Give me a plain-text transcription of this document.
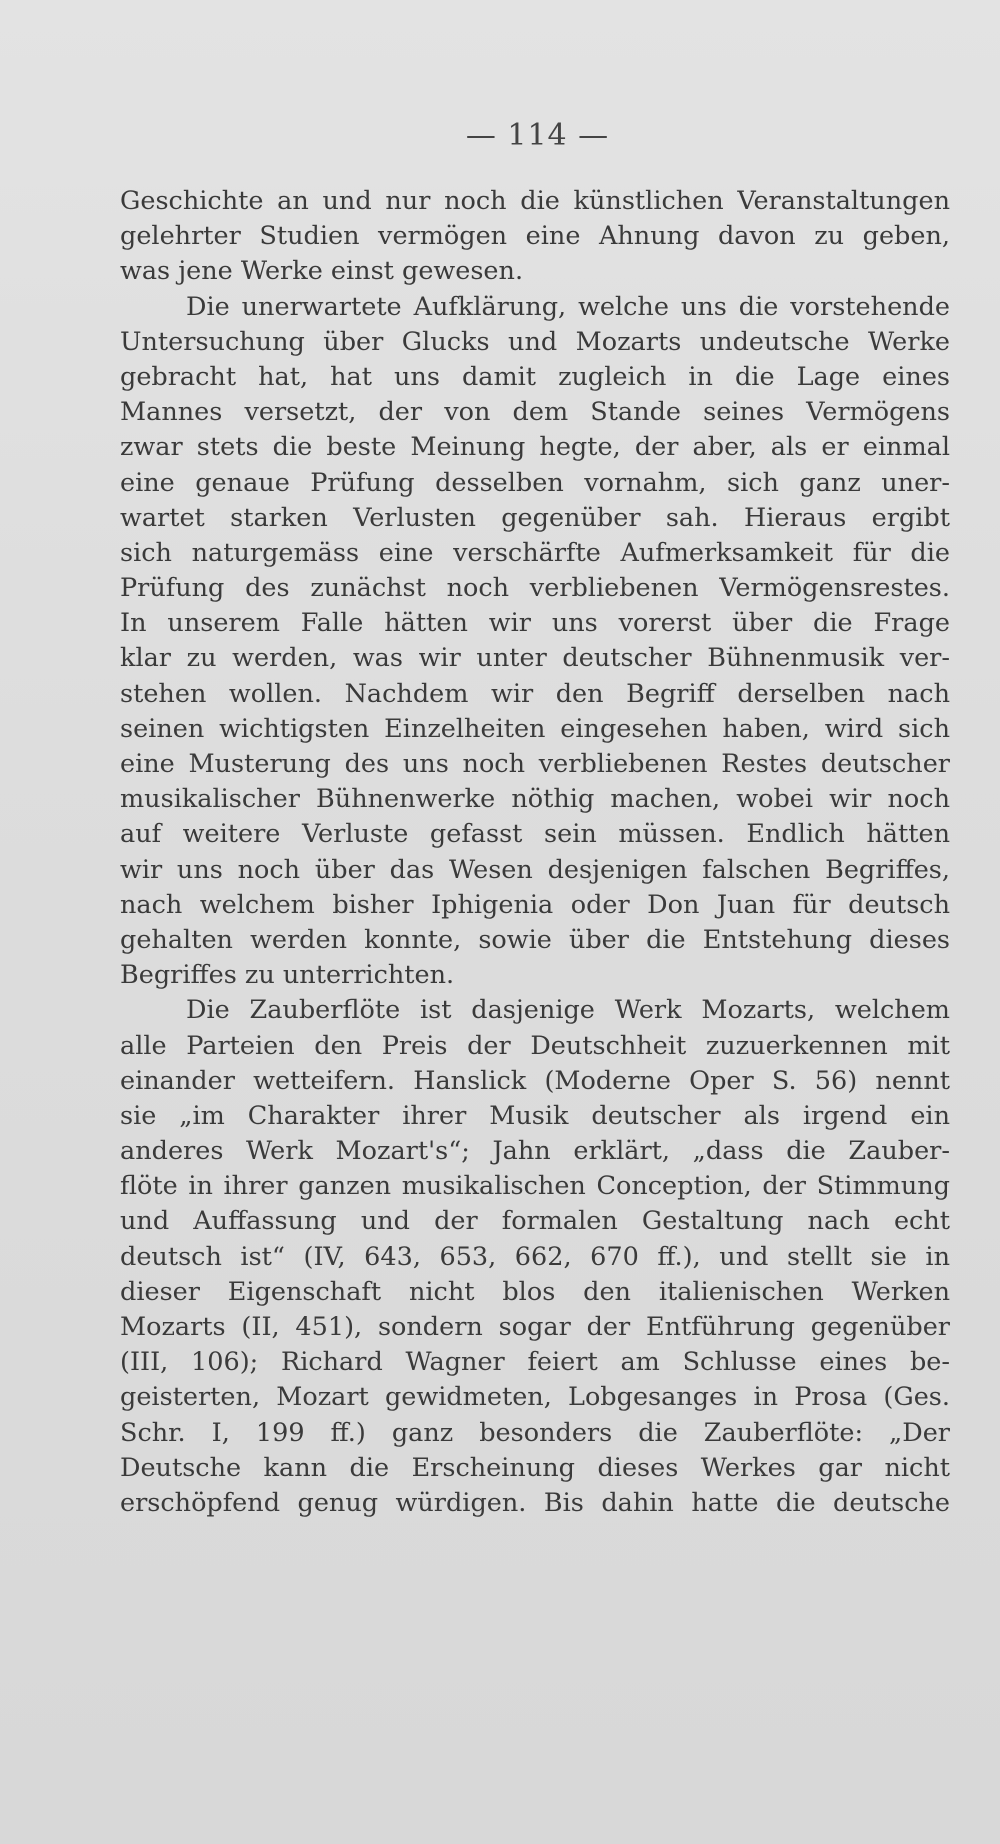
— 114 —
Geschichte an und nur noch die künstlichen Veranstaltungen
gelehrter Studien vermögen eine Ahnung davon zu geben,
was jene Werke einst gewesen.
Die unerwartete Aufklärung, welche uns die vorstehende
Untersuchung über Glucks und Mozarts undeutsche Werke
gebracht hat, hat uns damit zugleich in die Lage eines
Mannes versetzt, der von dem Stande seines Vermögens
zwar stets die beste Meinung hegte, der aber, als er einmal
eine genaue Prüfung desselben vornahm, sich ganz uner-
wartet starken Verlusten gegenüber sah. Hieraus ergibt
sich naturgemäss eine verschärfte Aufmerksamkeit für die
Prüfung des zunächst noch verbliebenen Vermögensrestes.
In unserem Falle hätten wir uns vorerst über die Frage
klar zu werden, was wir unter deutscher Bühnenmusik ver-
stehen wollen. Nachdem wir den Begriff derselben nach
seinen wichtigsten Einzelheiten eingesehen haben, wird sich
eine Musterung des uns noch verbliebenen Restes deutscher
musikalischer Bühnenwerke nöthig machen, wobei wir noch
auf weitere Verluste gefasst sein müssen. Endlich hätten
wir uns noch über das Wesen desjenigen falschen Begriffes,
nach welchem bisher Iphigenia oder Don Juan für deutsch
gehalten werden konnte, sowie über die Entstehung dieses
Begriffes zu unterrichten.
Die Zauberflöte ist dasjenige Werk Mozarts, welchem
alle Parteien den Preis der Deutschheit zuzuerkennen mit
einander wetteifern. Hanslick (Moderne Oper S. 56) nennt
sie „im Charakter ihrer Musik deutscher als irgend ein
anderes Werk Mozart's“; Jahn erklärt, „dass die Zauber-
flöte in ihrer ganzen musikalischen Conception, der Stimmung
und Auffassung und der formalen Gestaltung nach echt
deutsch ist“ (IV, 643, 653, 662, 670 ff.), und stellt sie in
dieser Eigenschaft nicht blos den italienischen Werken
Mozarts (II, 451), sondern sogar der Entführung gegenüber
(III, 106); Richard Wagner feiert am Schlusse eines be-
geisterten, Mozart gewidmeten, Lobgesanges in Prosa (Ges.
Schr. I, 199 ff.) ganz besonders die Zauberflöte: „Der
Deutsche kann die Erscheinung dieses Werkes gar nicht
erschöpfend genug würdigen. Bis dahin hatte die deutsche
